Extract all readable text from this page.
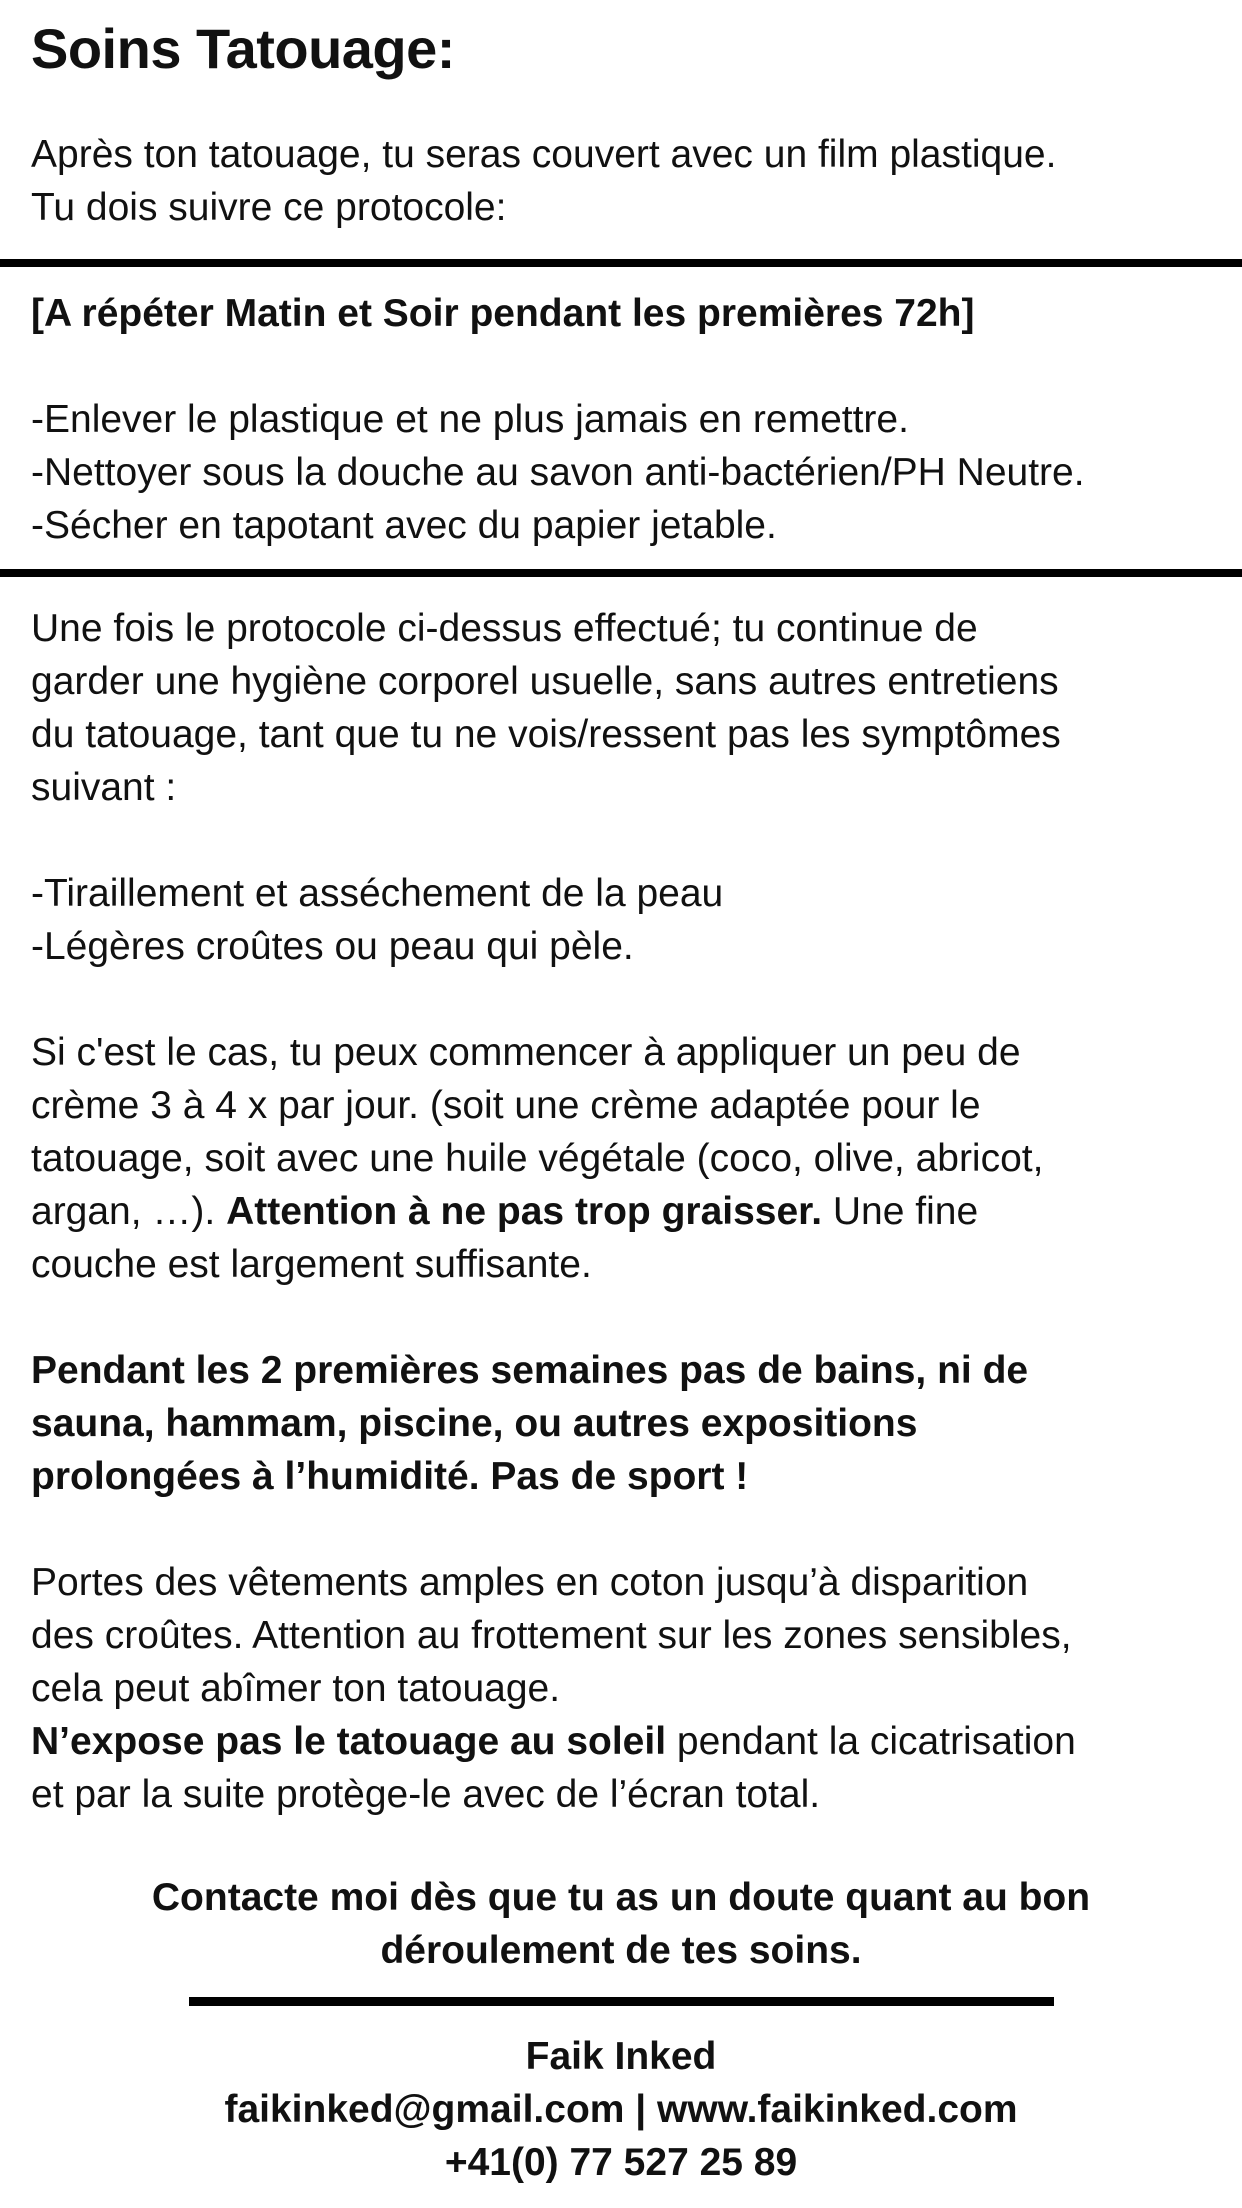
Soins Tatouage:
Après ton tatouage, tu seras couvert avec un film plastique.
Tu dois suivre ce protocole:
[A répéter Matin et Soir pendant les premières 72h]

-Enlever le plastique et ne plus jamais en remettre.
-Nettoyer sous la douche au savon anti-bactérien/PH Neutre.
-Sécher en tapotant avec du papier jetable.
Une fois le protocole ci-dessus effectué; tu continue de
garder une hygiène corporel usuelle, sans autres entretiens
du tatouage, tant que tu ne vois/ressent pas les symptômes
suivant :

-Tiraillement et asséchement de la peau
-Légères croûtes ou peau qui pèle.

Si c'est le cas, tu peux commencer à appliquer un peu de
crème 3 à 4 x par jour. (soit une crème adaptée pour le
tatouage, soit avec une huile végétale (coco, olive, abricot,
argan, …). Attention à ne pas trop graisser. Une fine
couche est largement suffisante.

Pendant les 2 premières semaines pas de bains, ni de
sauna, hammam, piscine, ou autres expositions
prolongées à l’humidité. Pas de sport !

Portes des vêtements amples en coton jusqu’à disparition
des croûtes. Attention au frottement sur les zones sensibles,
cela peut abîmer ton tatouage.
N’expose pas le tatouage au soleil pendant la cicatrisation
et par la suite protège-le avec de l’écran total.
Contacte moi dès que tu as un doute quant au bon
déroulement de tes soins.
Faik Inked
faikinked@gmail.com | www.faikinked.com
+41(0) 77 527 25 89
